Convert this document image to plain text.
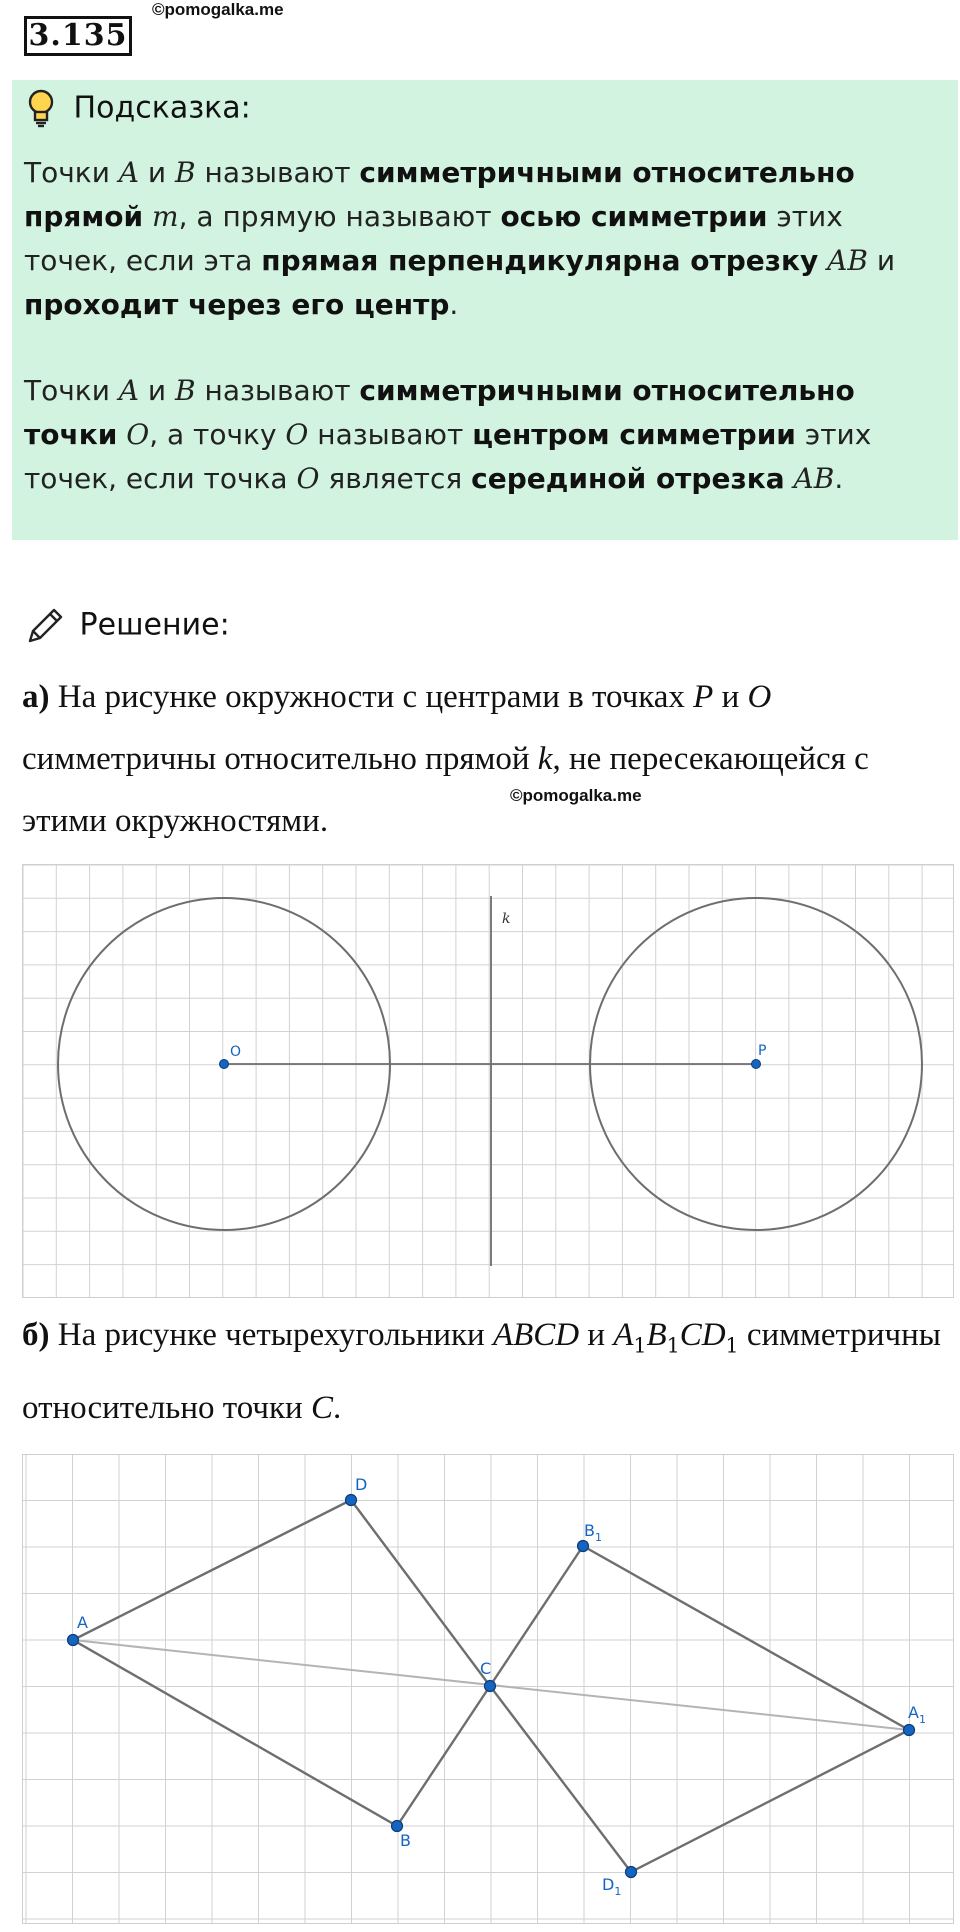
3.135
©pomogalka.me
Подсказка:
Точки A и B называют симметричными относительно прямой m, а прямую называют осью симметрии этих точек, если эта прямая перпендикулярна отрезку AB и проходит через его центр.
Точки A и B называют симметричными относительно точки O, а точку O называют центром симметрии этих точек, если точка O является серединой отрезка AB.
Решение:
а) На рисунке окружности с центрами в точках P и O симметричны относительно прямой k, не пересекающейся с этими окружностями.
©pomogalka.me
k
O	P
б) На рисунке четырехугольники ABCD и $A_1B_1CD_1$ симметричны относительно точки C.
A
D
C
B
$B_1$
$A_1$
$D_1$
